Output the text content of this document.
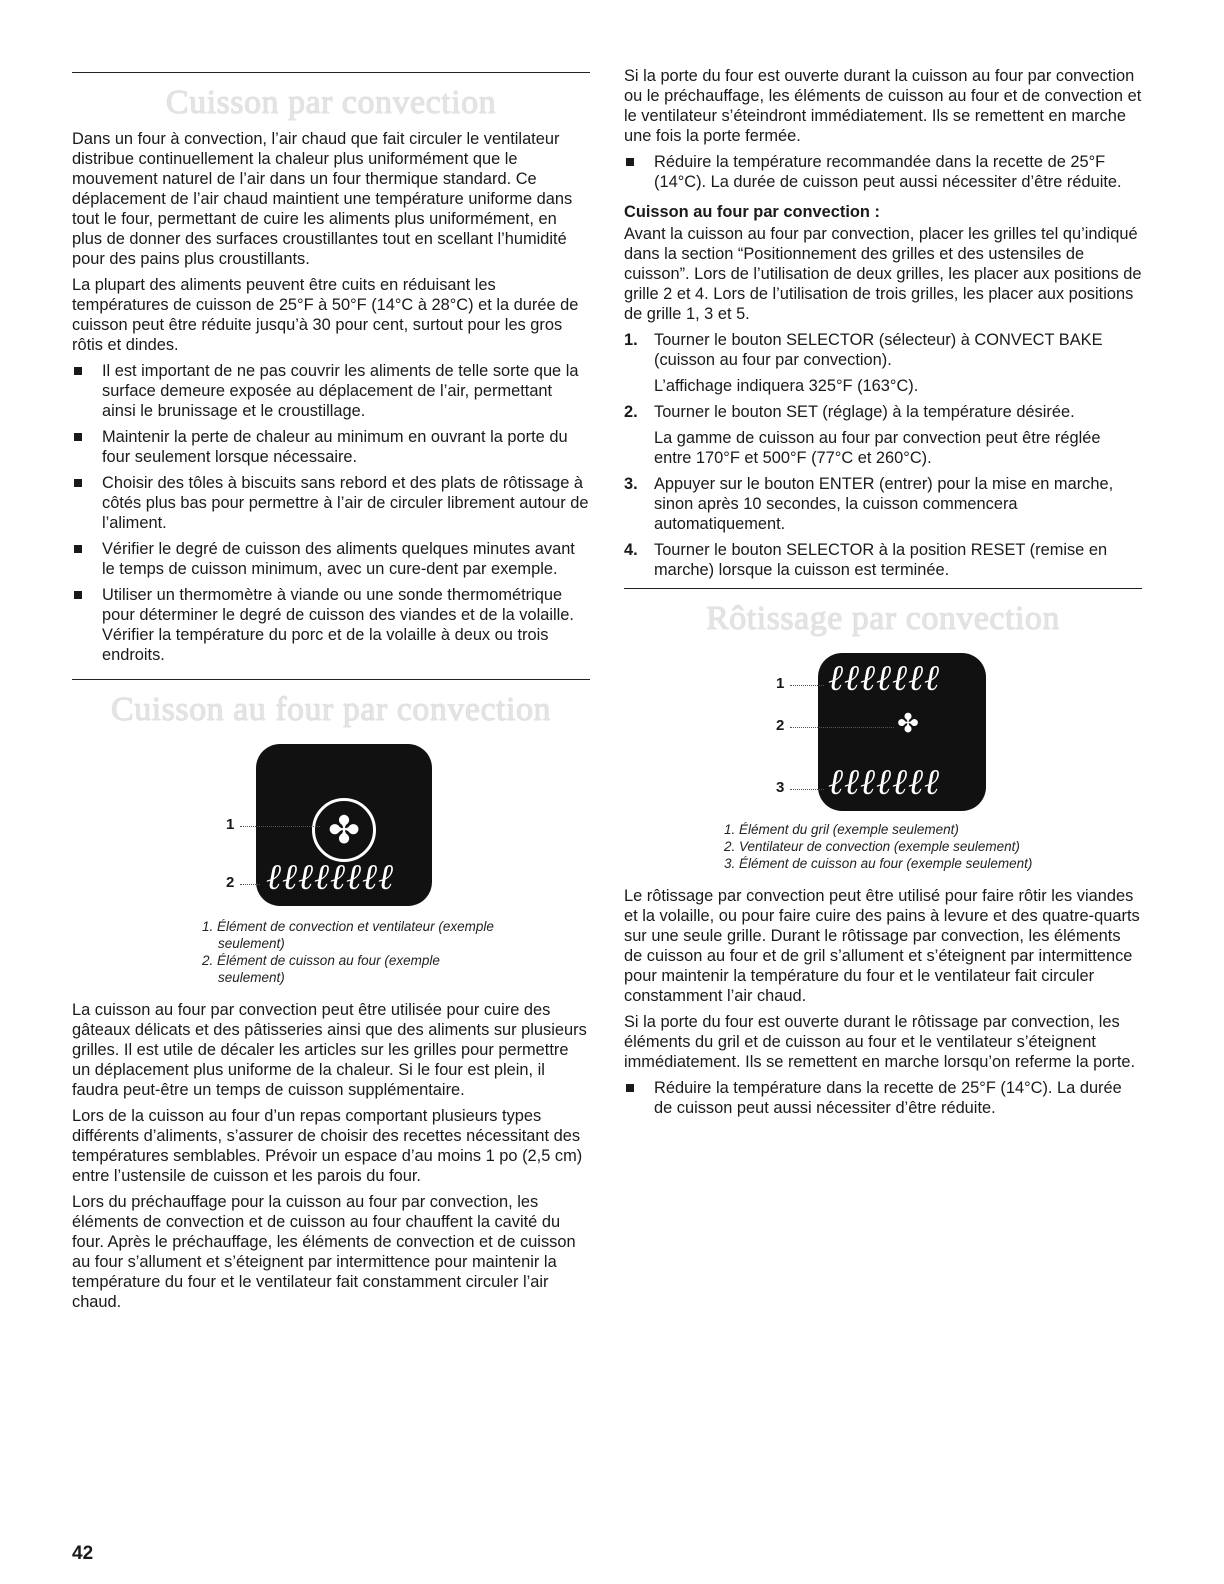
Cuisson par convection

Dans un four à convection, l’air chaud que fait circuler le ventilateur distribue continuellement la chaleur plus uniformément que le mouvement naturel de l’air dans un four thermique standard. Ce déplacement de l’air chaud maintient une température uniforme dans tout le four, permettant de cuire les aliments plus uniformément, en plus de donner des surfaces croustillantes tout en scellant l’humidité pour des pains plus croustillants.

La plupart des aliments peuvent être cuits en réduisant les températures de cuisson de 25°F à 50°F (14°C à 28°C) et la durée de cuisson peut être réduite jusqu’à 30 pour cent, surtout pour les gros rôtis et dindes.

Il est important de ne pas couvrir les aliments de telle sorte que la surface demeure exposée au déplacement de l’air, permettant ainsi le brunissage et le croustillage.
Maintenir la perte de chaleur au minimum en ouvrant la porte du four seulement lorsque nécessaire.
Choisir des tôles à biscuits sans rebord et des plats de rôtissage à côtés plus bas pour permettre à l’air de circuler librement autour de l’aliment.
Vérifier le degré de cuisson des aliments quelques minutes avant le temps de cuisson minimum, avec un cure-dent par exemple.
Utiliser un thermomètre à viande ou une sonde thermométrique pour déterminer le degré de cuisson des viandes et de la volaille. Vérifier la température du porc et de la volaille à deux ou trois endroits.
Cuisson au four par convection
✤
ℓℓℓℓℓℓℓℓ
1
2
1. Élément de convection et ventilateur (exemple seulement)
2. Élément de cuisson au four (exemple seulement)

La cuisson au four par convection peut être utilisée pour cuire des gâteaux délicats et des pâtisseries ainsi que des aliments sur plusieurs grilles. Il est utile de décaler les articles sur les grilles pour permettre un déplacement plus uniforme de la chaleur. Si le four est plein, il faudra peut-être un temps de cuisson supplémentaire.

Lors de la cuisson au four d’un repas comportant plusieurs types différents d’aliments, s’assurer de choisir des recettes nécessitant des températures semblables. Prévoir un espace d’au moins 1 po (2,5 cm) entre l’ustensile de cuisson et les parois du four.

Lors du préchauffage pour la cuisson au four par convection, les éléments de convection et de cuisson au four chauffent la cavité du four. Après le préchauffage, les éléments de convection et de cuisson au four s’allument et s’éteignent par intermittence pour maintenir la température du four et le ventilateur fait constamment circuler l’air chaud.

Si la porte du four est ouverte durant la cuisson au four par convection ou le préchauffage, les éléments de cuisson au four et de convection et le ventilateur s’éteindront immédiatement. Ils se remettent en marche une fois la porte fermée.

Réduire la température recommandée dans la recette de 25°F (14°C). La durée de cuisson peut aussi nécessiter d’être réduite.
Cuisson au four par convection :

Avant la cuisson au four par convection, placer les grilles tel qu’indiqué dans la section “Positionnement des grilles et des ustensiles de cuisson”. Lors de l’utilisation de deux grilles, les placer aux positions de grille 2 et 4. Lors de l’utilisation de trois grilles, les placer aux positions de grille 1, 3 et 5.

1. Tourner le bouton SELECTOR (sélecteur) à CONVECT BAKE (cuisson au four par convection).
L’affichage indiquera 325°F (163°C).
2. Tourner le bouton SET (réglage) à la température désirée.
La gamme de cuisson au four par convection peut être réglée entre 170°F et 500°F (77°C et 260°C).
3. Appuyer sur le bouton ENTER (entrer) pour la mise en marche, sinon après 10 secondes, la cuisson commencera automatiquement.
4. Tourner le bouton SELECTOR à la position RESET (remise en marche) lorsque la cuisson est terminée.
Rôtissage par convection
ℓℓℓℓℓℓℓ
✤
ℓℓℓℓℓℓℓ
1
2
3
1. Élément du gril (exemple seulement)
2. Ventilateur de convection (exemple seulement)
3. Élément de cuisson au four (exemple seulement)

Le rôtissage par convection peut être utilisé pour faire rôtir les viandes et la volaille, ou pour faire cuire des pains à levure et des quatre-quarts sur une seule grille. Durant le rôtissage par convection, les éléments de cuisson au four et de gril s’allument et s’éteignent par intermittence pour maintenir la température du four et le ventilateur fait circuler constamment l’air chaud.

Si la porte du four est ouverte durant le rôtissage par convection, les éléments du gril et de cuisson au four et le ventilateur s’éteignent immédiatement. Ils se remettent en marche lorsqu’on referme la porte.

Réduire la température dans la recette de 25°F (14°C). La durée de cuisson peut aussi nécessiter d’être réduite.
42
